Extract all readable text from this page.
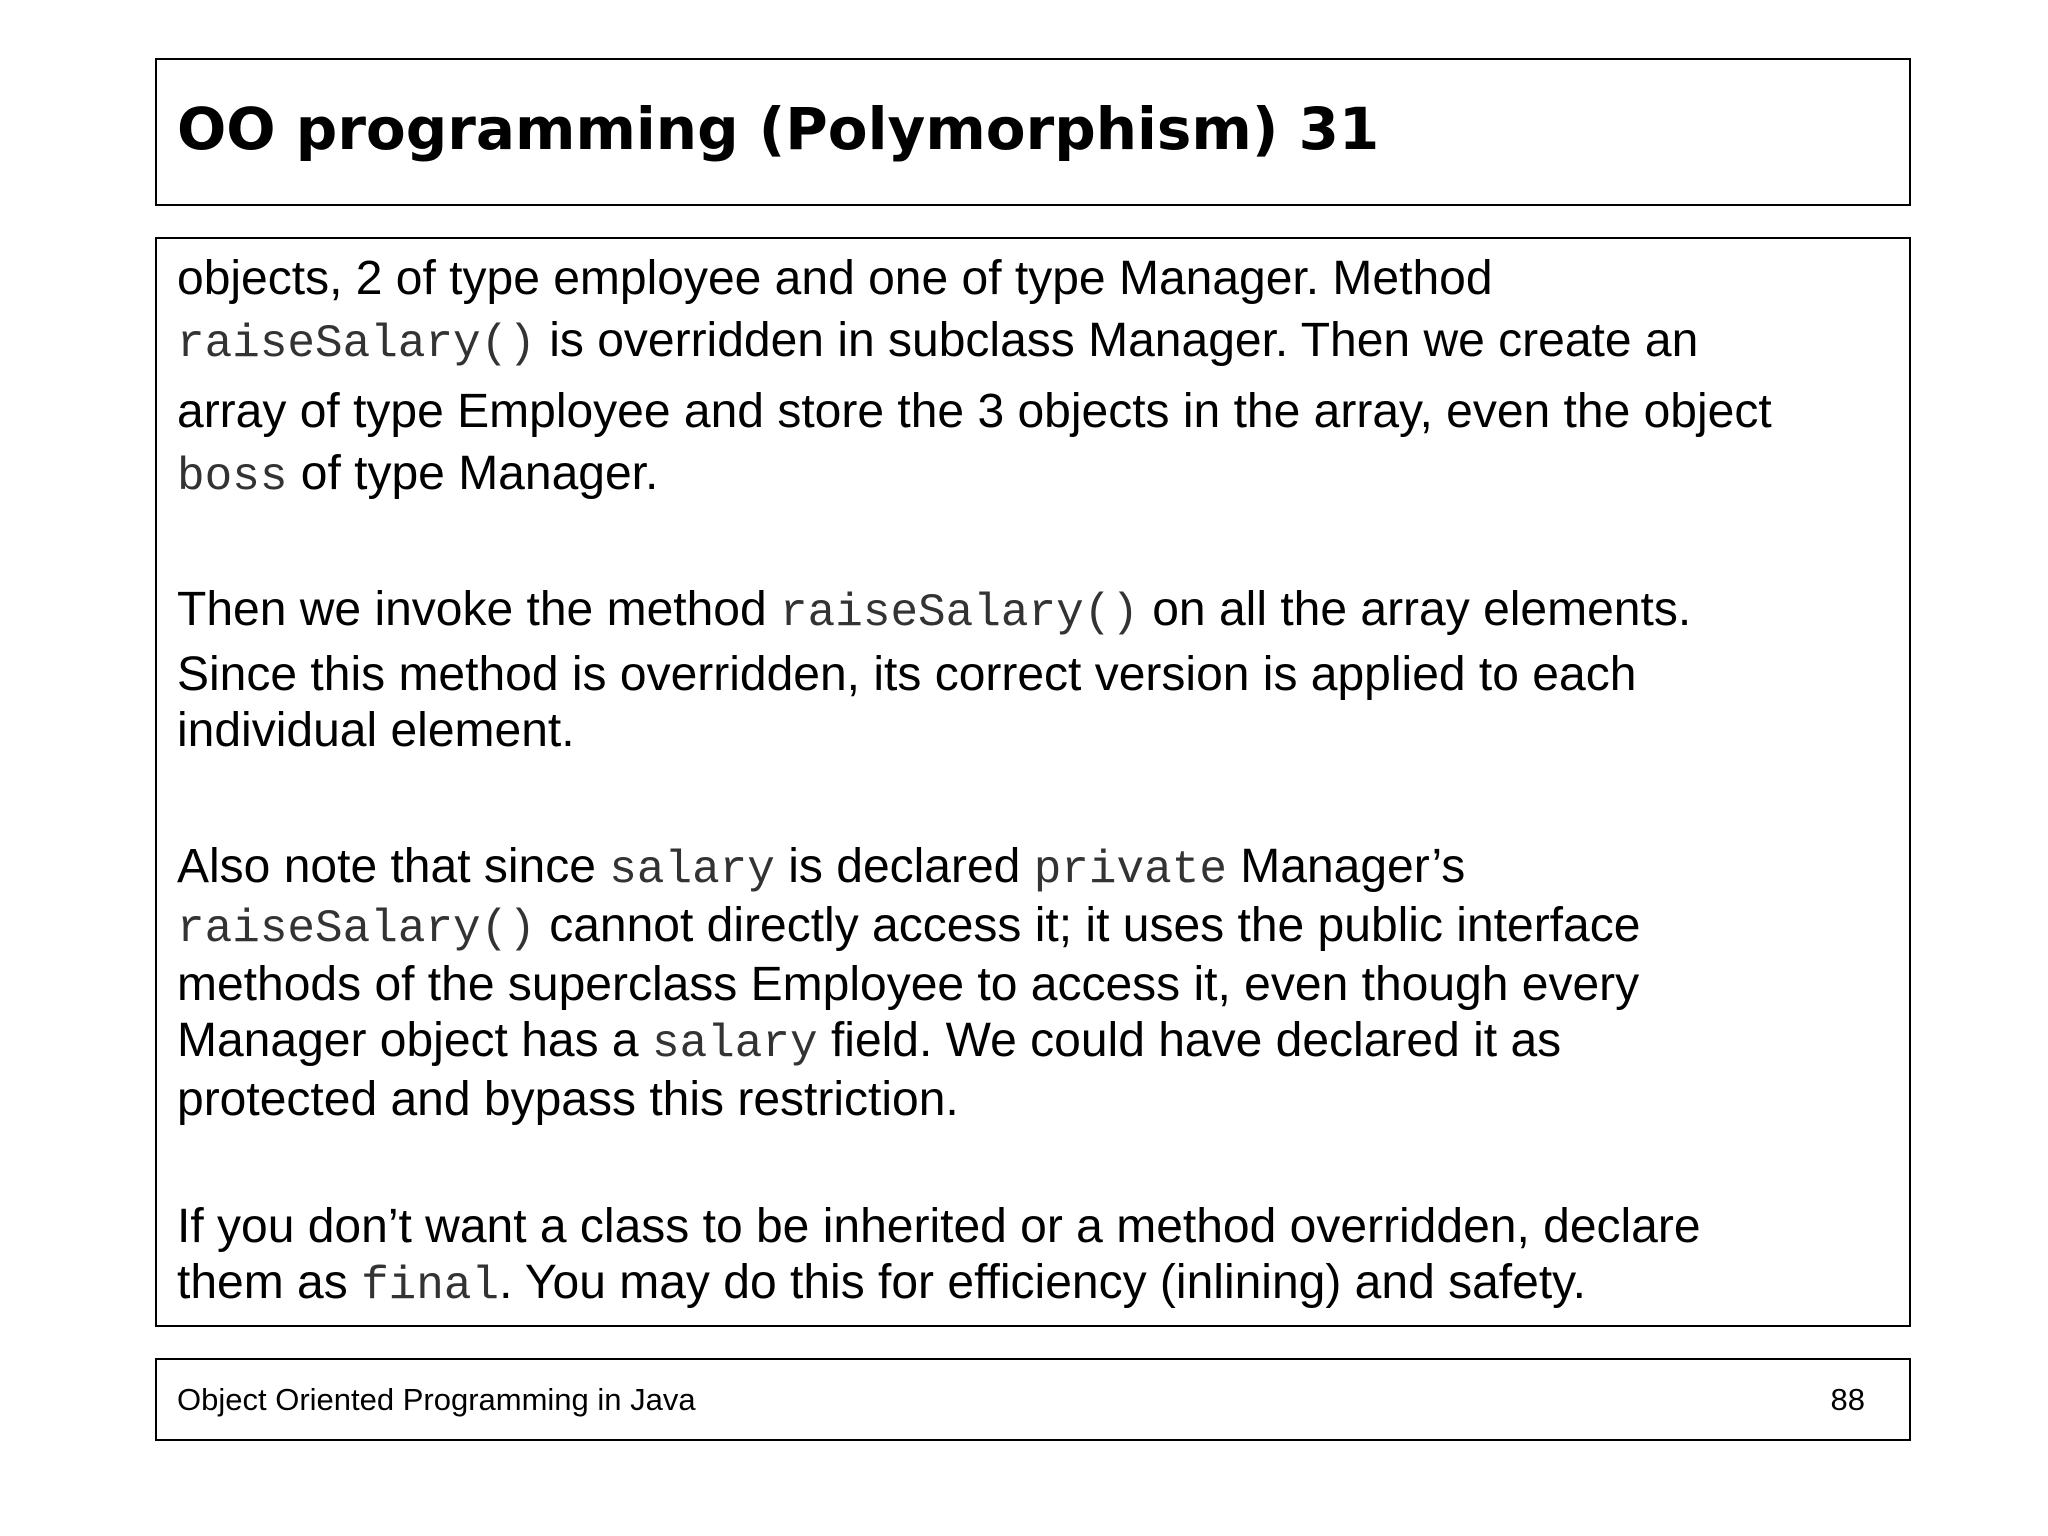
OO programming (Polymorphism) 31

objects, 2 of type employee and one of type Manager. Method
raiseSalary() is overridden in subclass Manager. Then we create an
array of type Employee and store the 3 objects in the array, even the object
boss of type Manager.

Then we invoke the method raiseSalary() on all the array elements.
Since this method is overridden, its correct version is applied to each
individual element.

Also note that since salary is declared private Manager’s
raiseSalary() cannot directly access it; it uses the public interface
methods of the superclass Employee to access it, even though every
Manager object has a salary field. We could have declared it as
protected and bypass this restriction.

If you don’t want a class to be inherited or a method overridden, declare
them as final. You may do this for efficiency (inlining) and safety.

Object Oriented Programming in Java	88
